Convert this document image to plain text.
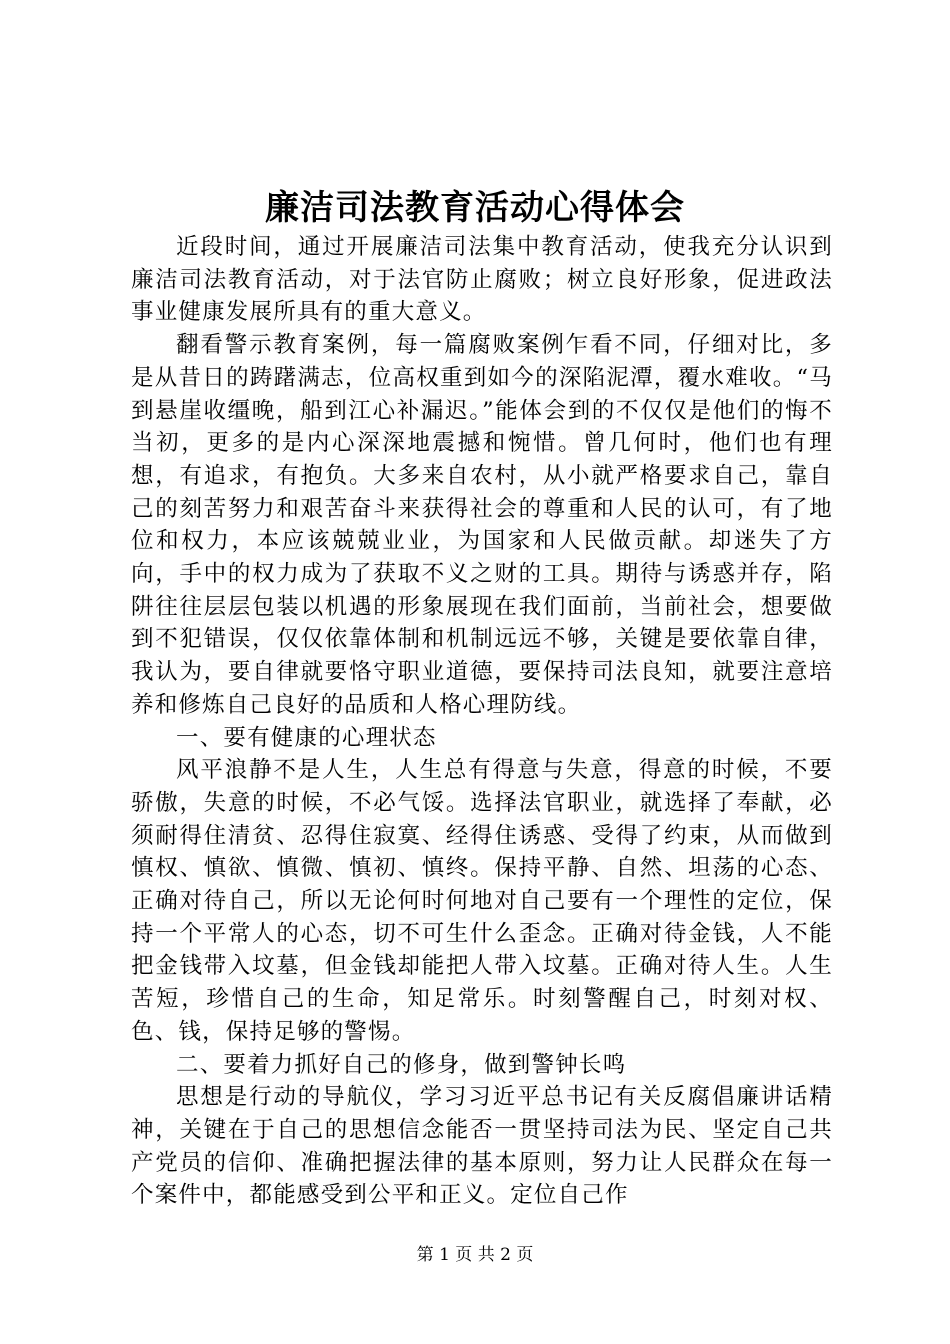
廉洁司法教育活动心得体会

近段时间，通过开展廉洁司法集中教育活动，使我充分认识到廉洁司法教育活动，对于法官防止腐败；树立良好形象，促进政法事业健康发展所具有的重大意义。

翻看警示教育案例，每一篇腐败案例乍看不同，仔细对比，多是从昔日的踌躇满志，位高权重到如今的深陷泥潭，覆水难收。“马到悬崖收缰晚，船到江心补漏迟。”能体会到的不仅仅是他们的悔不当初，更多的是内心深深地震撼和惋惜。曾几何时，他们也有理想，有追求，有抱负。大多来自农村，从小就严格要求自己，靠自己的刻苦努力和艰苦奋斗来获得社会的尊重和人民的认可，有了地位和权力，本应该兢兢业业，为国家和人民做贡献。却迷失了方向，手中的权力成为了获取不义之财的工具。期待与诱惑并存，陷阱往往层层包装以机遇的形象展现在我们面前，当前社会，想要做到不犯错误，仅仅依靠体制和机制远远不够，关键是要依靠自律，我认为，要自律就要恪守职业道德，要保持司法良知，就要注意培养和修炼自己良好的品质和人格心理防线。

一、要有健康的心理状态

风平浪静不是人生，人生总有得意与失意，得意的时候，不要骄傲，失意的时候，不必气馁。选择法官职业，就选择了奉献，必须耐得住清贫、忍得住寂寞、经得住诱惑、受得了约束，从而做到慎权、慎欲、慎微、慎初、慎终。保持平静、自然、坦荡的心态、正确对待自己，所以无论何时何地对自己要有一个理性的定位，保持一个平常人的心态，切不可生什么歪念。正确对待金钱，人不能把金钱带入坟墓，但金钱却能把人带入坟墓。正确对待人生。人生苦短，珍惜自己的生命，知足常乐。时刻警醒自己，时刻对权、色、钱，保持足够的警惕。

二、要着力抓好自己的修身，做到警钟长鸣

思想是行动的导航仪，学习习近平总书记有关反腐倡廉讲话精神，关键在于自己的思想信念能否一贯坚持司法为民、坚定自己共产党员的信仰、准确把握法律的基本原则，努力让人民群众在每一个案件中，都能感受到公平和正义。定位自己作

第 1 页 共 2 页
